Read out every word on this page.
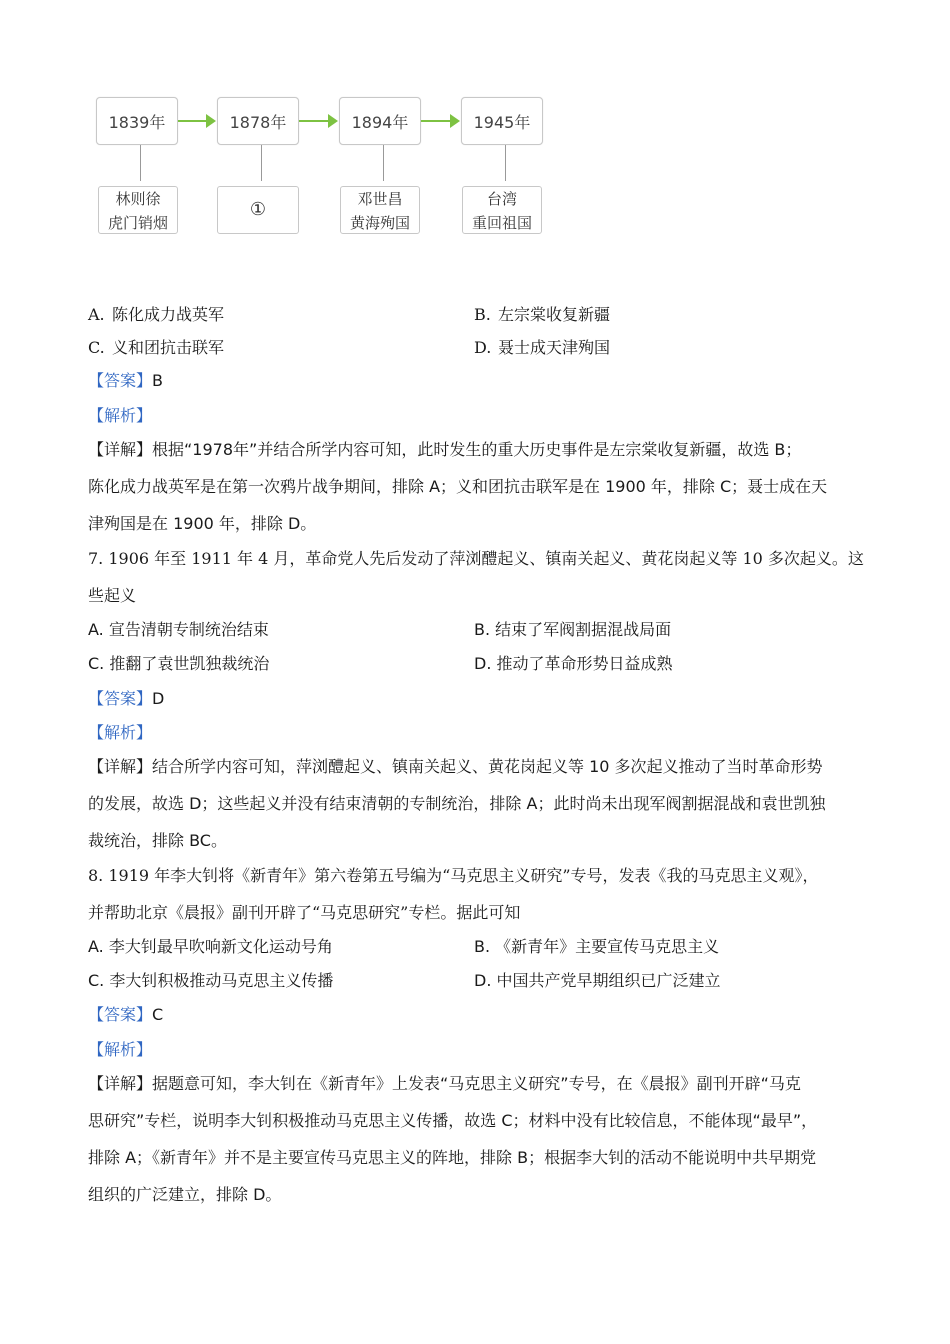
1839年	1878年	1894年	1945年
林则徐
虎门销烟
①	邓世昌
黄海殉国
台湾
重回祖国
A. 陈化成力战英军	B. 左宗棠收复新疆
C. 义和团抗击联军	D. 聂士成天津殉国
【答案】B
【解析】
【详解】根据“1978年”并结合所学内容可知，此时发生的重大历史事件是左宗棠收复新疆，故选 B；
陈化成力战英军是在第一次鸦片战争期间，排除 A；义和团抗击联军是在 1900 年，排除 C；聂士成在天
津殉国是在 1900 年，排除 D。
7. 1906 年至 1911 年 4 月，革命党人先后发动了萍浏醴起义、镇南关起义、黄花岗起义等 10 多次起义。这
些起义
A. 宣告清朝专制统治结束	B. 结束了军阀割据混战局面
C. 推翻了袁世凯独裁统治	D. 推动了革命形势日益成熟
【答案】D
【解析】
【详解】结合所学内容可知，萍浏醴起义、镇南关起义、黄花岗起义等 10 多次起义推动了当时革命形势
的发展，故选 D；这些起义并没有结束清朝的专制统治，排除 A；此时尚未出现军阀割据混战和袁世凯独
裁统治，排除 BC。
8. 1919 年李大钊将《新青年》第六卷第五号编为“马克思主义研究”专号，发表《我的马克思主义观》，
并帮助北京《晨报》副刊开辟了“马克思研究”专栏。据此可知
A. 李大钊最早吹响新文化运动号角	B. 《新青年》主要宣传马克思主义
C. 李大钊积极推动马克思主义传播	D. 中国共产党早期组织已广泛建立
【答案】C
【解析】
【详解】据题意可知，李大钊在《新青年》上发表“马克思主义研究”专号，在《晨报》副刊开辟“马克
思研究”专栏，说明李大钊积极推动马克思主义传播，故选 C；材料中没有比较信息，不能体现“最早”，
排除 A；《新青年》并不是主要宣传马克思主义的阵地，排除 B；根据李大钊的活动不能说明中共早期党
组织的广泛建立，排除 D。
